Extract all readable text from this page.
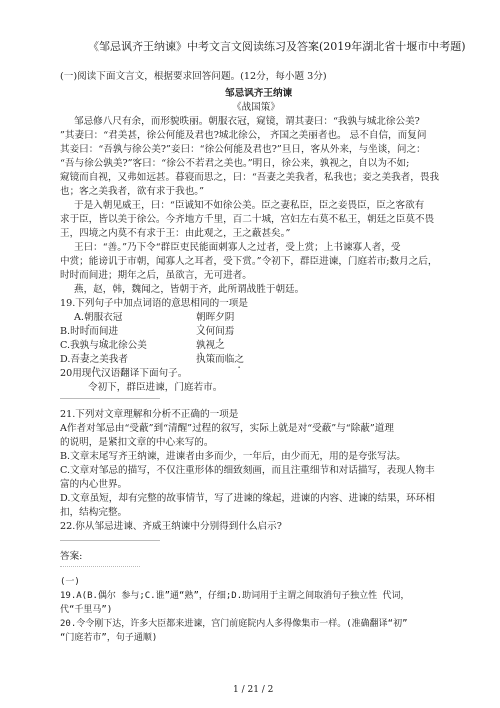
《邹忌讽齐王纳谏》中考文言文阅读练习及答案(2019年湖北省十堰市中考题)
(一)阅读下面文言文，根据要求回答问题。(12分，每小题 3分)
邹忌讽齐王纳谏
《战国策》
邹忌修八尺有余，而形貌昳丽。朝服衣冠，窥镜，谓其妻曰：“我孰与城北徐公美?
”其妻曰：“君美甚，徐公何能及君也?城北徐公， 齐国之美丽者也。 忌不自信，而复问
其妾曰：“吾孰与徐公美?”妾曰：“徐公何能及君也?”旦日，客从外来，与坐谈，问之：
“吾与徐公孰美?”客曰：“徐公不若君之美也。”明日，徐公来，孰视之，自以为不如;
窥镜而自视，又弗如远甚。暮寝而思之，曰：“吾妻之美我者，私我也；妾之美我者，畏我
也；客之美我者，欲有求于我也。”
于是入朝见威王，曰：“臣诚知不如徐公美。臣之妻私臣，臣之妾畏臣，臣之客欲有
求于臣，皆以美于徐公。今齐地方千里，百二十城，宫妇左右莫不私王，朝廷之臣莫不畏
王，四境之内莫不有求于王：由此观之，王之蔽甚矣。”
王曰：“善。”乃下令“群臣吏民能面刺寡人之过者，受上赏；上书谏寡人者，受
中赏；能谤讥于市朝，闻寡人之耳者，受下赏。”令初下，群臣进谏，门庭若市;数月之后，
时时而间进；期年之后，虽欲言，无可进者。
燕，赵，韩，魏闻之，皆朝于齐，此所谓战胜于朝廷。
19.下列句子中加点词语的意思相同的一项是
A.朝服衣冠	朝晖夕阴
B.时时而间进	又何间焉
C.我孰与城北徐公美	孰视之
D.吾妻之美我者	执策而临之
20用现代汉语翻译下面句子。
令初下，群臣进谏，门庭若市。
21.下列对文章理解和分析不正确的一项是
A作者对邹忌由“受蔽”到“清醒”过程的叙写，实际上就是对“受蔽”与“除蔽”道理
的说明，是紧扣文章的中心来写的。
B.文章末尾写齐王纳谏，进谏者由多而少，一年后，由少而无，用的是夸张写法。
C.文章对邹忌的描写，不仅注重形体的细致刻画，而且注重细节和对话描写，表现人物丰
富的内心世界。
D.文章虽短，却有完整的故事情节，写了进谏的缘起，进谏的内容、进谏的结果，环环相
扣，结构完整。
22.你从邹忌进谏、齐威王纳谏中分别得到什么启示?
答案:
(一)
19.A(B.偶尔 参与;C.谁”通“熟”，仔细;D.助词用于主谓之间取消句子独立性 代词，
代“千里马”)
20.令令刚下达，许多大臣都来进谏，宫门前庭院内人多得像集市一样。(准确翻译“初”
“门庭若市”，句子通顺)
1 / 21 / 2
